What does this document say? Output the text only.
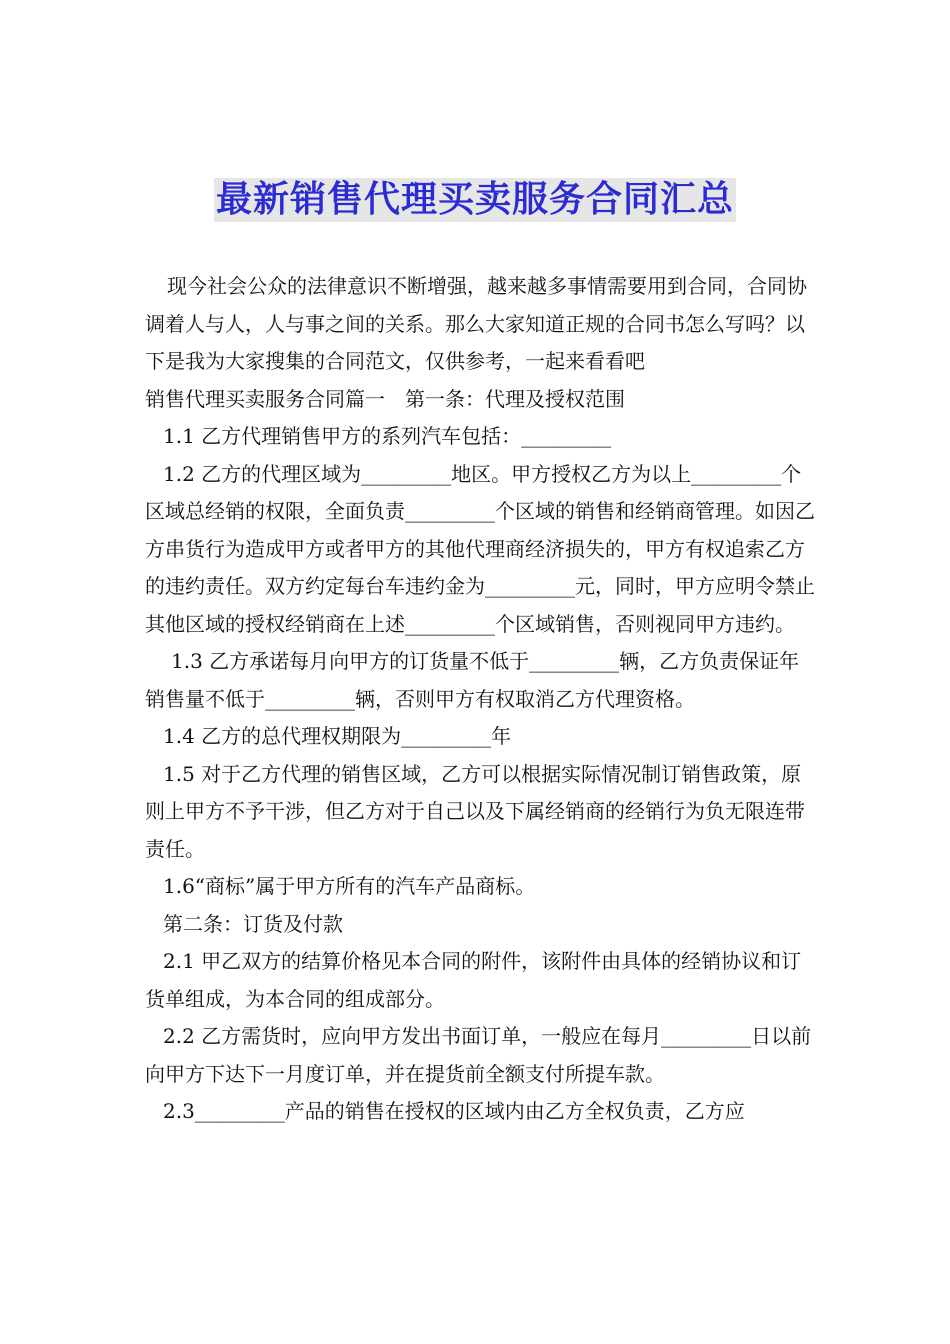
最新销售代理买卖服务合同汇总

现今社会公众的法律意识不断增强，越来越多事情需要用到合同，合同协调着人与人，人与事之间的关系。那么大家知道正规的合同书怎么写吗？以下是我为大家搜集的合同范文，仅供参考，一起来看看吧

销售代理买卖服务合同篇一　第一条：代理及授权范围

1.1 乙方代理销售甲方的系列汽车包括：_________

1.2 乙方的代理区域为_________地区。甲方授权乙方为以上_________个区域总经销的权限，全面负责_________个区域的销售和经销商管理。如因乙方串货行为造成甲方或者甲方的其他代理商经济损失的，甲方有权追索乙方的违约责任。双方约定每台车违约金为_________元，同时，甲方应明令禁止其他区域的授权经销商在上述_________个区域销售，否则视同甲方违约。

1.3 乙方承诺每月向甲方的订货量不低于_________辆，乙方负责保证年销售量不低于_________辆，否则甲方有权取消乙方代理资格。

1.4 乙方的总代理权期限为_________年

1.5 对于乙方代理的销售区域，乙方可以根据实际情况制订销售政策，原则上甲方不予干涉，但乙方对于自己以及下属经销商的经销行为负无限连带责任。

1.6“商标”属于甲方所有的汽车产品商标。

第二条：订货及付款

2.1 甲乙双方的结算价格见本合同的附件，该附件由具体的经销协议和订货单组成，为本合同的组成部分。

2.2 乙方需货时，应向甲方发出书面订单，一般应在每月_________日以前向甲方下达下一月度订单，并在提货前全额支付所提车款。

2.3_________产品的销售在授权的区域内由乙方全权负责，乙方应
